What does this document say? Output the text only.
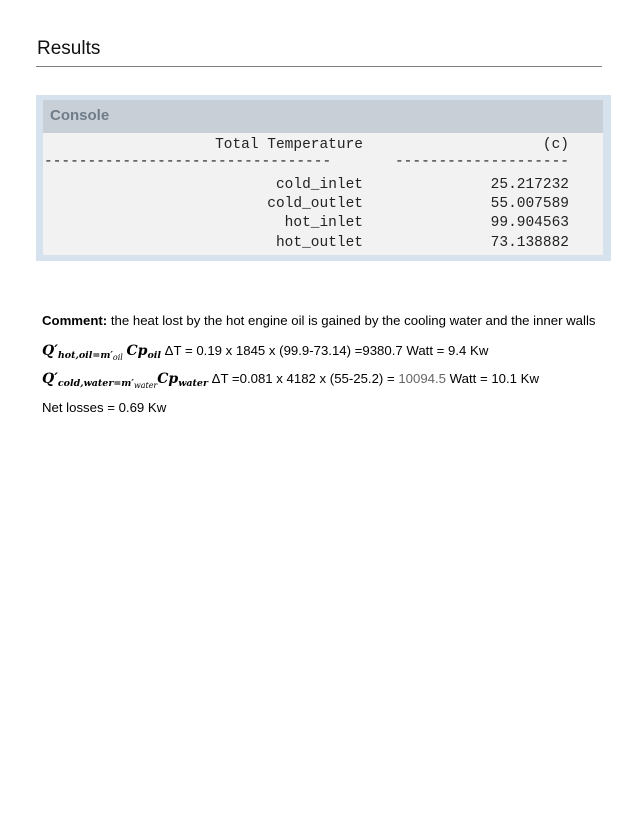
Results
Console
Total Temperature	(c)
---------------------------------	--------------------
cold_inlet	25.217232
cold_outlet	55.007589
hot_inlet	99.904563
hot_outlet	73.138882
Comment: the heat lost by the hot engine oil is gained by the cooling water and the inner walls
$Q'_{hot,oil=m'oil}$ $Cp_{oil}$ ΔT = 0.19 x 1845 x (99.9-73.14) =9380.7 Watt = 9.4 Kw
$Q'_{cold,water=m'water}Cp_{water}$ ΔT =0.081 x 4182 x (55-25.2) = 10094.5 Watt = 10.1 Kw
Net losses = 0.69 Kw
